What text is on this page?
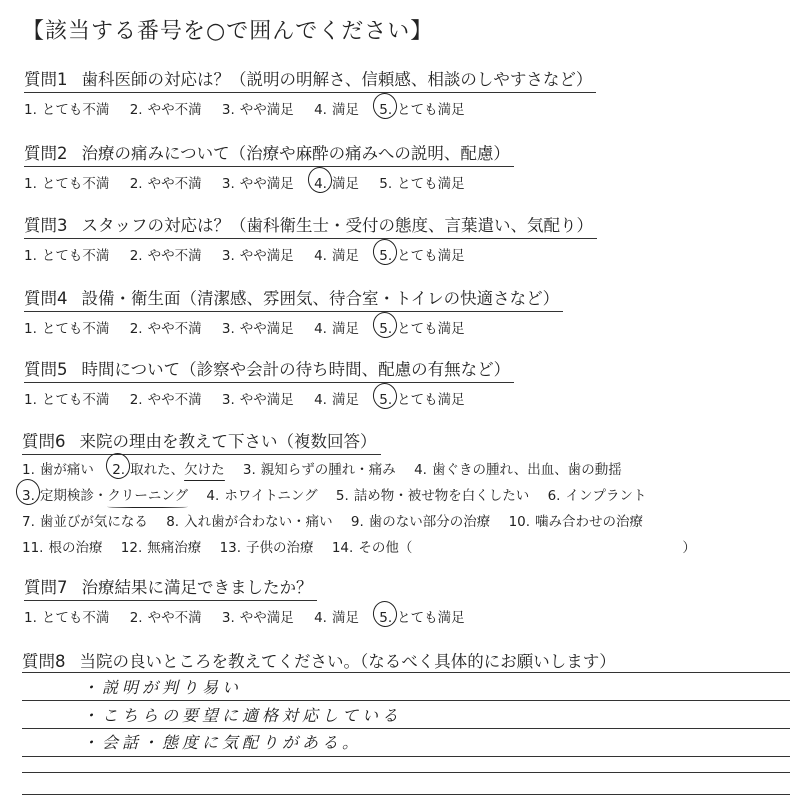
【該当する番号を○で囲んでください】
質問1 歯科医師の対応は？（説明の明解さ、信頼感、相談のしやすさなど）
1. とても不満 2. やや不満 3. やや満足 4. 満足 5. とても満足
質問2 治療の痛みについて（治療や麻酔の痛みへの説明、配慮）
1. とても不満 2. やや不満 3. やや満足 4. 満足 5. とても満足
質問3 スタッフの対応は？（歯科衛生士・受付の態度、言葉遣い、気配り）
1. とても不満 2. やや不満 3. やや満足 4. 満足 5. とても満足
質問4 設備・衛生面（清潔感、雰囲気、待合室・トイレの快適さなど）
1. とても不満 2. やや不満 3. やや満足 4. 満足 5. とても満足
質問5 時間について（診察や会計の待ち時間、配慮の有無など）
1. とても不満 2. やや不満 3. やや満足 4. 満足 5. とても満足
質問6 来院の理由を教えて下さい（複数回答）
1. 歯が痛い 2. 取れた、欠けた 3. 親知らずの腫れ・痛み 4. 歯ぐきの腫れ、出血、歯の動揺
3. 定期検診・クリーニング 4. ホワイトニング 5. 詰め物・被せ物を白くしたい 6. インプラント
7. 歯並びが気になる 8. 入れ歯が合わない・痛い 9. 歯のない部分の治療 10. 噛み合わせの治療
11. 根の治療 12. 無痛治療 13. 子供の治療 14. その他（	）
質問7 治療結果に満足できましたか？
1. とても不満 2. やや不満 3. やや満足 4. 満足 5. とても満足
質問8 当院の良いところを教えてください。（なるべく具体的にお願いします）
・説明が判り易い
・こちらの要望に適格対応している
・会話・態度に気配りがある。
